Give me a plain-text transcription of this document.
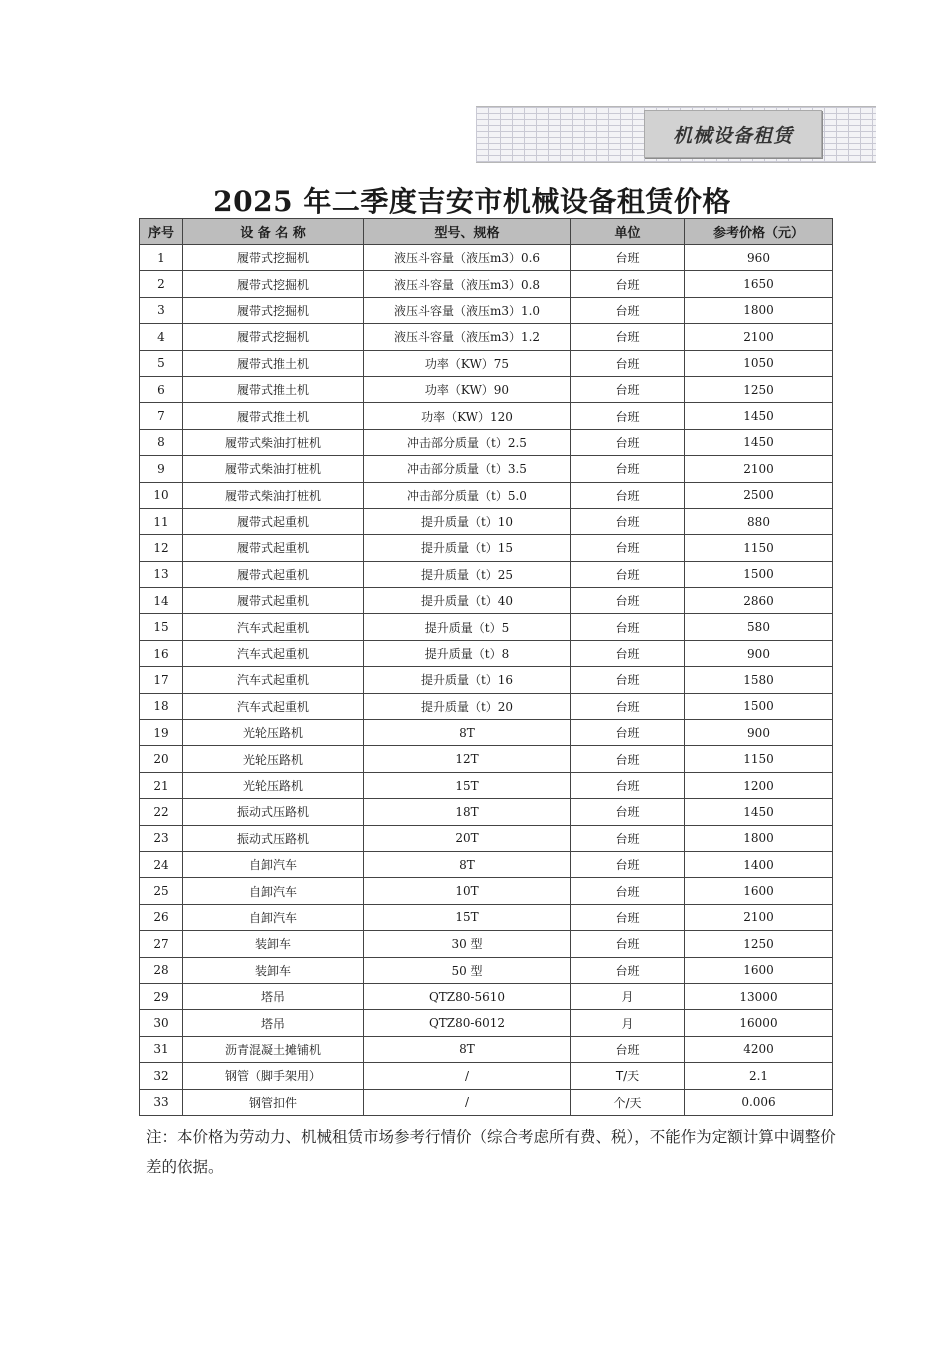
机械设备租赁
2025 年二季度吉安市机械设备租赁价格
序号	设 备 名 称	型号、规格	单位	参考价格（元）
1	履带式挖掘机	液压斗容量（液压m3）0.6	台班	960
2	履带式挖掘机	液压斗容量（液压m3）0.8	台班	1650
3	履带式挖掘机	液压斗容量（液压m3）1.0	台班	1800
4	履带式挖掘机	液压斗容量（液压m3）1.2	台班	2100
5	履带式推土机	功率（KW）75	台班	1050
6	履带式推土机	功率（KW）90	台班	1250
7	履带式推土机	功率（KW）120	台班	1450
8	履带式柴油打桩机	冲击部分质量（t）2.5	台班	1450
9	履带式柴油打桩机	冲击部分质量（t）3.5	台班	2100
10	履带式柴油打桩机	冲击部分质量（t）5.0	台班	2500
11	履带式起重机	提升质量（t）10	台班	880
12	履带式起重机	提升质量（t）15	台班	1150
13	履带式起重机	提升质量（t）25	台班	1500
14	履带式起重机	提升质量（t）40	台班	2860
15	汽车式起重机	提升质量（t）5	台班	580
16	汽车式起重机	提升质量（t）8	台班	900
17	汽车式起重机	提升质量（t）16	台班	1580
18	汽车式起重机	提升质量（t）20	台班	1500
19	光轮压路机	8T	台班	900
20	光轮压路机	12T	台班	1150
21	光轮压路机	15T	台班	1200
22	振动式压路机	18T	台班	1450
23	振动式压路机	20T	台班	1800
24	自卸汽车	8T	台班	1400
25	自卸汽车	10T	台班	1600
26	自卸汽车	15T	台班	2100
27	装卸车	30 型	台班	1250
28	装卸车	50 型	台班	1600
29	塔吊	QTZ80-5610	月	13000
30	塔吊	QTZ80-6012	月	16000
31	沥青混凝土摊铺机	8T	台班	4200
32	钢管（脚手架用）	/	T/天	2.1
33	钢管扣件	/	个/天	0.006
注：本价格为劳动力、机械租赁市场参考行情价（综合考虑所有费、税），不能作为定额计算中调整价差的依据。
